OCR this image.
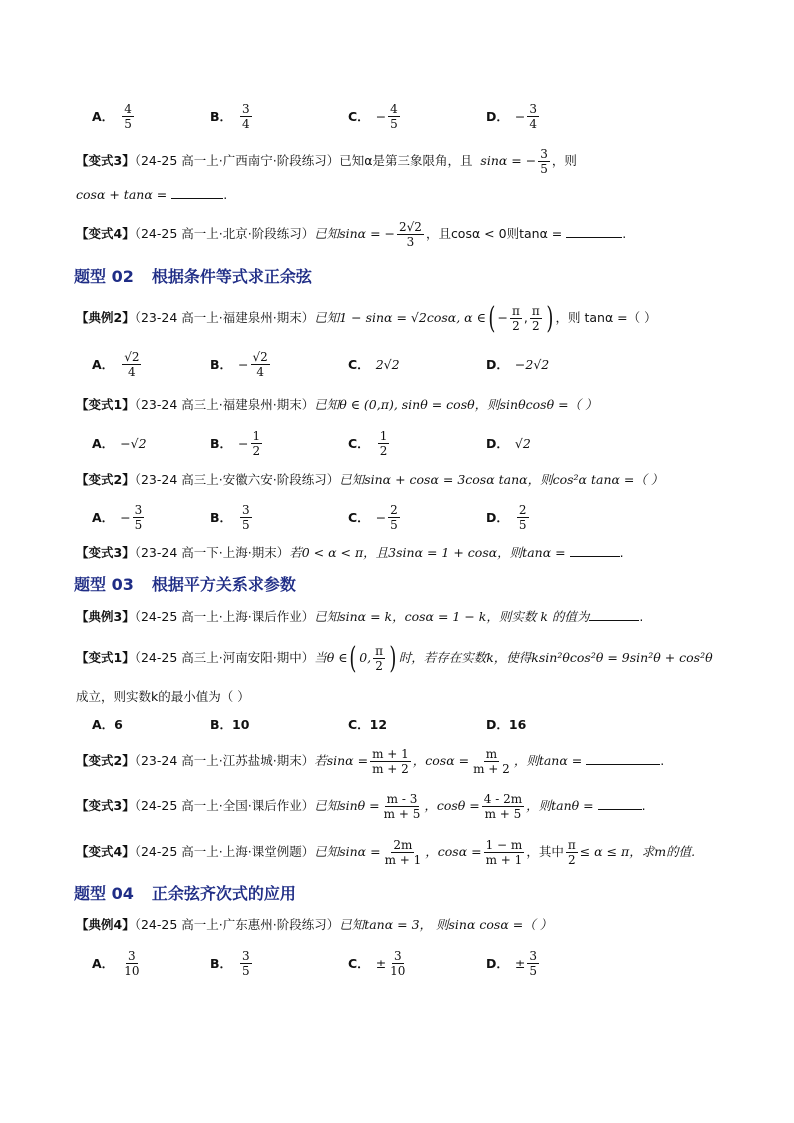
A． $\frac{4}{5}$	B． $\frac{3}{4}$	C． − $\frac{4}{5}$	D． − $\frac{3}{4}$
【变式3】（24-25 高一上·广西南宁·阶段练习）已知α是第三象限角，且 sinα = − $\frac{3}{5}$ ，则
cosα + tanα =	.
【变式4】（24-25 高一上·北京·阶段练习）已知sinα = − $\frac{2√2}{3}$ ，且cosα < 0则tanα =	.
题型 02 根据条件等式求正余弦
【典例2】（23-24 高一上·福建泉州·期末）已知1 − sinα = √2cosα, α ∈( − $\frac{\pi}{2}$ , $\frac{\pi}{2}$ ) ，则 tanα =（ ）
A． $\frac{√2}{4}$	B． − $\frac{√2}{4}$	C． 2√2	D． −2√2
【变式1】（23-24 高三上·福建泉州·期末）已知θ ∈ (0,π), sinθ = cosθ，则sinθcosθ =（ ）
A． −√2	B． − $\frac{1}{2}$	C． $\frac{1}{2}$	D． √2
【变式2】（23-24 高三上·安徽六安·阶段练习）已知sinα + cosα = 3cosα tanα，则cos²α tanα =（ ）
A． − $\frac{3}{5}$	B． $\frac{3}{5}$	C． − $\frac{2}{5}$	D． $\frac{2}{5}$
【变式3】（23-24 高一下·上海·期末）若0 < α < π，且3sinα = 1 + cosα，则tanα =	.
题型 03 根据平方关系求参数
【典例3】（24-25 高一上·上海·课后作业）已知sinα = k，cosα = 1 − k，则实数 k 的值为	.
【变式1】（24-25 高三上·河南安阳·期中）当θ ∈( 0, $\frac{\pi}{2}$ ) 时，若存在实数k，使得ksin²θcos²θ = 9sin²θ + cos²θ
成立，则实数k的最小值为（ ）
A．6	B．10	C．12	D．16
【变式2】（23-24 高一上·江苏盐城·期末）若$\sin\alpha = \frac{m + 1}{m + 2}$ ，$\cos\alpha = \frac{m}{m + 2}$ ，则tanα =	.
【变式3】（24-25 高一上·全国·课后作业）已知$\sin\theta = \frac{m - 3}{m + 5}$ ，$\cos\theta = \frac{4 - 2m}{m + 5}$ ，则tanθ =	.
【变式4】（24-25 高一上·上海·课堂例题）已知$\sin\alpha = \frac{2m}{m + 1}$ ，$\cos\alpha = \frac{1 - m}{m + 1}$ ，其中 $\frac{\pi}{2} \le \alpha \le \pi$，求m的值.
题型 04 正余弦齐次式的应用
【典例4】（24-25 高一上·广东惠州·阶段练习）已知tanα = 3， 则sinα cosα =（ ）
A． $\frac{3}{10}$	B． $\frac{3}{5}$	C． ± $\frac{3}{10}$	D． ± $\frac{3}{5}$
